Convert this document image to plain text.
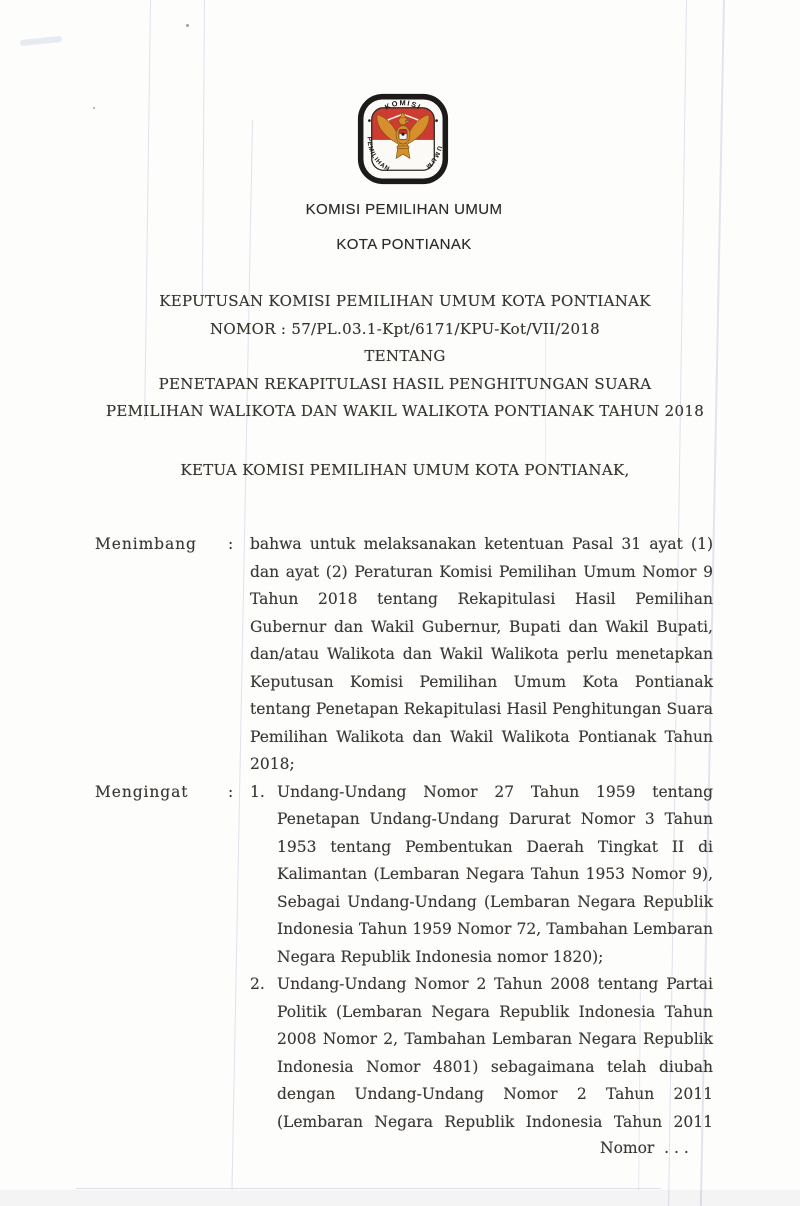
KOMISI
PEMILIHAN
UMUM
KOMISI PEMILIHAN UMUM
KOTA PONTIANAK
KEPUTUSAN KOMISI PEMILIHAN UMUM KOTA PONTIANAK
NOMOR : 57/PL.03.1-Kpt/6171/KPU-Kot/VII/2018
TENTANG
PENETAPAN REKAPITULASI HASIL PENGHITUNGAN SUARA
PEMILIHAN WALIKOTA DAN WAKIL WALIKOTA PONTIANAK TAHUN 2018
KETUA KOMISI PEMILIHAN UMUM KOTA PONTIANAK,
Menimbang	:	bahwa untuk melaksanakan ketentuan Pasal 31 ayat (1) dan ayat (2) Peraturan Komisi Pemilihan Umum Nomor 9 Tahun 2018 tentang Rekapitulasi Hasil Pemilihan Gubernur dan Wakil Gubernur, Bupati dan Wakil Bupati, dan/atau Walikota dan Wakil Walikota perlu menetapkan Keputusan Komisi Pemilihan Umum Kota Pontianak tentang Penetapan Rekapitulasi Hasil Penghitungan Suara Pemilihan Walikota dan Wakil Walikota Pontianak Tahun 2018;
Mengingat	:	1. Undang-Undang Nomor 27 Tahun 1959 tentang Penetapan Undang-Undang Darurat Nomor 3 Tahun 1953 tentang Pembentukan Daerah Tingkat II di Kalimantan (Lembaran Negara Tahun 1953 Nomor 9), Sebagai Undang-Undang (Lembaran Negara Republik Indonesia Tahun 1959 Nomor 72, Tambahan Lembaran Negara Republik Indonesia nomor 1820);
2. Undang-Undang Nomor 2 Tahun 2008 tentang Partai Politik (Lembaran Negara Republik Indonesia Tahun 2008 Nomor 2, Tambahan Lembaran Negara Republik Indonesia Nomor 4801) sebagaimana telah diubah dengan Undang-Undang Nomor 2 Tahun 2011 (Lembaran Negara Republik Indonesia Tahun 2011
Nomor  . . .
